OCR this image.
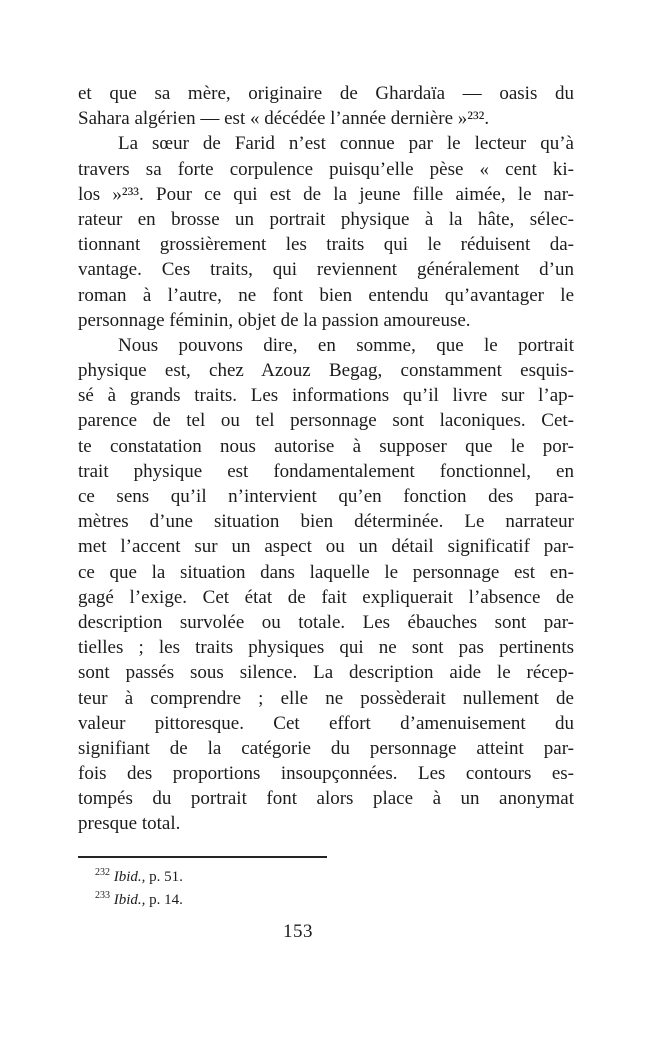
et que sa mère, originaire de Ghardaïa — oasis du
Sahara algérien — est « décédée l’année dernière »²³².
La sœur de Farid n’est connue par le lecteur qu’à
travers sa forte corpulence puisqu’elle pèse « cent ki-
los »²³³. Pour ce qui est de la jeune fille aimée, le nar-
rateur en brosse un portrait physique à la hâte, sélec-
tionnant grossièrement les traits qui le réduisent da-
vantage. Ces traits, qui reviennent généralement d’un
roman à l’autre, ne font bien entendu qu’avantager le
personnage féminin, objet de la passion amoureuse.
Nous pouvons dire, en somme, que le portrait
physique est, chez Azouz Begag, constamment esquis-
sé à grands traits. Les informations qu’il livre sur l’ap-
parence de tel ou tel personnage sont laconiques. Cet-
te constatation nous autorise à supposer que le por-
trait physique est fondamentalement fonctionnel, en
ce sens qu’il n’intervient qu’en fonction des para-
mètres d’une situation bien déterminée. Le narrateur
met l’accent sur un aspect ou un détail significatif par-
ce que la situation dans laquelle le personnage est en-
gagé l’exige. Cet état de fait expliquerait l’absence de
description survolée ou totale. Les ébauches sont par-
tielles ; les traits physiques qui ne sont pas pertinents
sont passés sous silence. La description aide le récep-
teur à comprendre ; elle ne possèderait nullement de
valeur pittoresque. Cet effort d’amenuisement du
signifiant de la catégorie du personnage atteint par-
fois des proportions insoupçonnées. Les contours es-
tompés du portrait font alors place à un anonymat
presque total.
$^{232}$ Ibid., p. 51.
$^{233}$ Ibid., p. 14.
153
